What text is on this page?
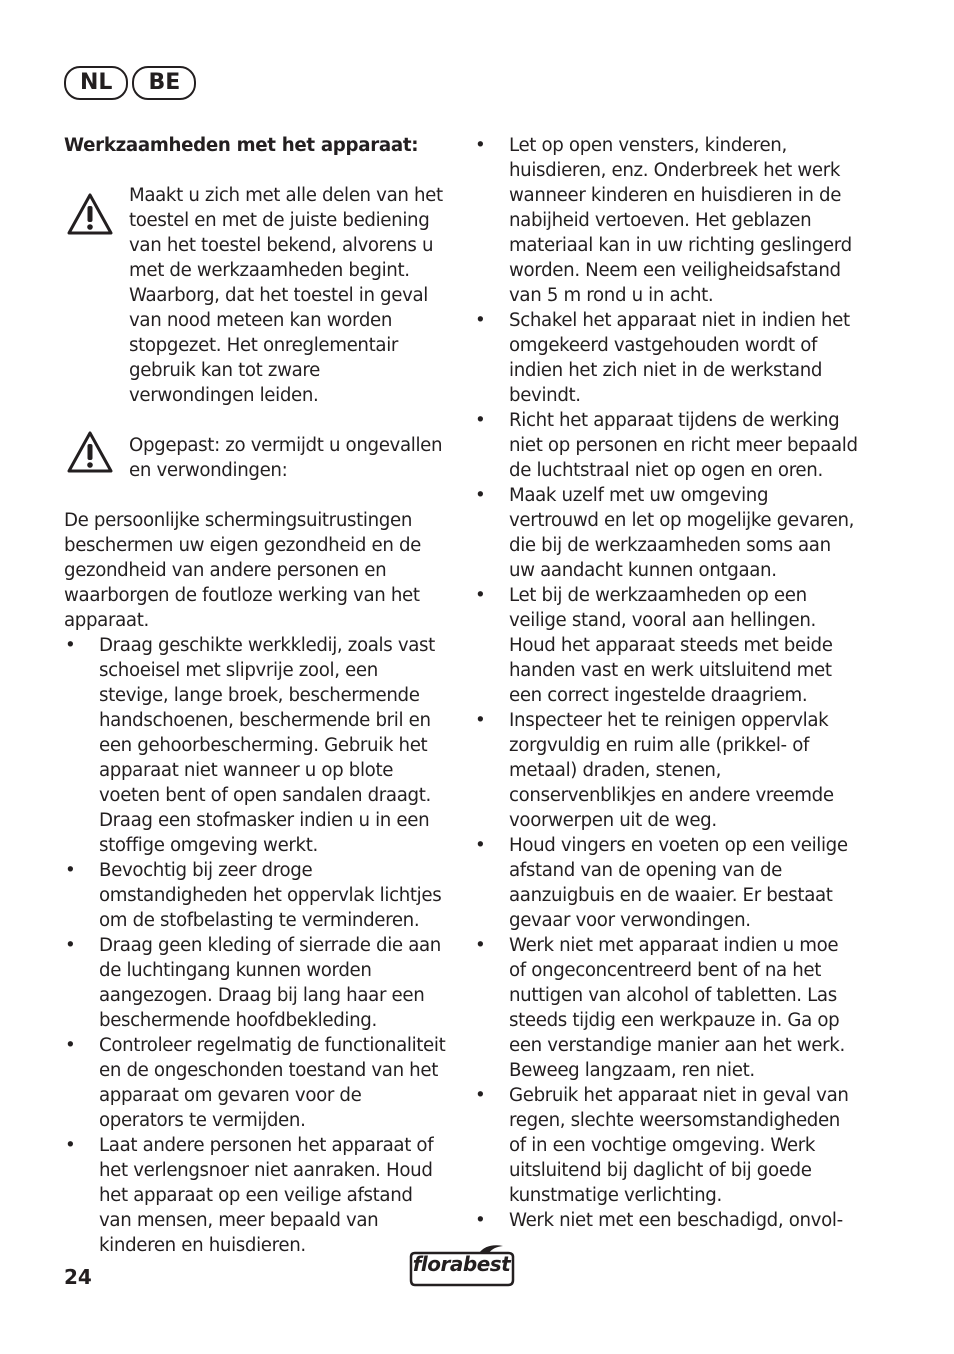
NL	BE
Werkzaamheden met het apparaat:

Maakt u zich met alle delen van het toestel en met de juiste bediening van het toestel bekend, alvorens u met de werkzaamheden begint. Waarborg, dat het toestel in geval van nood meteen kan worden stopgezet. Het onreglementair gebruik kan tot zware verwondingen leiden.

Opgepast: zo vermijdt u ongevallen en verwondingen:

De persoonlijke schermingsuitrustingen beschermen uw eigen gezondheid en de gezondheid van andere personen en waarborgen de foutloze werking van het apparaat.

• Draag geschikte werkkledij, zoals vast schoeisel met slipvrije zool, een stevige, lange broek, beschermende handschoenen, beschermende bril en een gehoorbescherming. Gebruik het apparaat niet wanneer u op blote voeten bent of open sandalen draagt. Draag een stofmasker indien u in een stoffige omgeving werkt.
• Bevochtig bij zeer droge omstandigheden het oppervlak lichtjes om de stofbelasting te verminderen.
• Draag geen kleding of sierrade die aan de luchtingang kunnen worden aangezogen. Draag bij lang haar een beschermende hoofdbekleding.
• Controleer regelmatig de functionaliteit en de ongeschonden toestand van het apparaat om gevaren voor de operators te vermijden.
• Laat andere personen het apparaat of het verlengsnoer niet aanraken. Houd het apparaat op een veilige afstand van mensen, meer bepaald van kinderen en huisdieren.
• Let op open vensters, kinderen, huisdieren, enz. Onderbreek het werk wanneer kinderen en huisdieren in de nabijheid vertoeven. Het geblazen materiaal kan in uw richting geslingerd worden. Neem een veiligheidsafstand van 5 m rond u in acht.
• Schakel het apparaat niet in indien het omgekeerd vastgehouden wordt of indien het zich niet in de werkstand bevindt.
• Richt het apparaat tijdens de werking niet op personen en richt meer bepaald de luchtstraal niet op ogen en oren.
• Maak uzelf met uw omgeving vertrouwd en let op mogelijke gevaren, die bij de werkzaamheden soms aan uw aandacht kunnen ontgaan.
• Let bij de werkzaamheden op een veilige stand, vooral aan hellingen. Houd het apparaat steeds met beide handen vast en werk uitsluitend met een correct ingestelde draagriem.
• Inspecteer het te reinigen oppervlak zorgvuldig en ruim alle (prikkel- of metaal) draden, stenen, conservenblikjes en andere vreemde voorwerpen uit de weg.
• Houd vingers en voeten op een veilige afstand van de opening van de aanzuigbuis en de waaier. Er bestaat gevaar voor verwondingen.
• Werk niet met apparaat indien u moe of ongeconcentreerd bent of na het nuttigen van alcohol of tabletten. Las steeds tijdig een werkpauze in. Ga op een verstandige manier aan het werk. Beweeg langzaam, ren niet.
• Gebruik het apparaat niet in geval van regen, slechte weersomstandigheden of in een vochtige omgeving. Werk uitsluitend bij daglicht of bij goede kunstmatige verlichting.
• Werk niet met een beschadigd, onvol-
24
florabest
